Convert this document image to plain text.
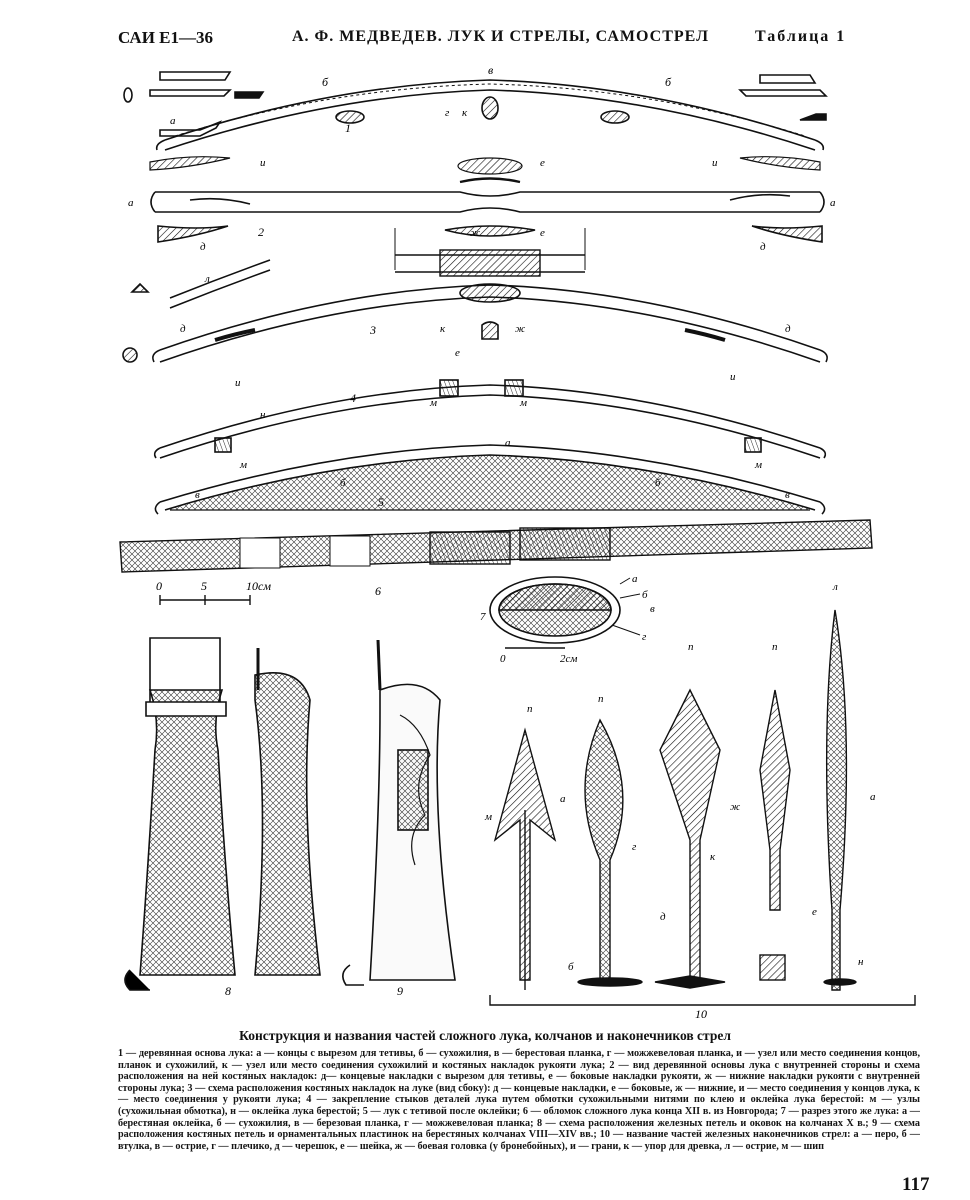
САИ Е1—36	А. Ф. МЕДВЕДЕВ. ЛУК И СТРЕЛЫ, САМОСТРЕЛ	Таблица 1
0	5	10см
0	2см
3
5
2
1
4
6
7
8	9
10
б	б
в
г к
а
и	и
е
а	а
д	д
ж	е
л
д	д
к	ж
е
и	и
н
м	м
м	м
а
в	в
б	б
а
б
в
г
п
п
п	п
л
м
а
г
к
д
ж
а
е
н
б
Конструкция и названия частей сложного лука, колчанов и наконечников стрел
1 — деревянная основа лука: а — концы с вырезом для тетивы, б — сухожилия, в — берестовая планка, г — можжевеловая планка, и — узел или место соединения концов, планок и сухожилий, к — узел или место соединения сухожилий и костяных накладок рукояти лука; 2 — вид деревянной основы лука с внутренней стороны и схема расположения на ней костяных накладок: д— концевые накладки с вырезом для тетивы, е — боковые накладки рукояти, ж — нижние накладки рукояти с внутренней стороны лука; 3 — схема расположения костяных накладок на луке (вид сбоку): д — концевые накладки, е — боковые, ж — нижние, и — место соединения у концов лука, к — место соединения у рукояти лука; 4 — закрепление стыков деталей лука путем обмотки сухожильными нитями по клею и оклейка лука берестой: м — узлы (сухожильная обмотка), н — оклейка лука берестой; 5 — лук с тетивой после оклейки; 6 — обломок сложного лука конца XII в. из Новгорода; 7 — разрез этого же лука: а — берестяная оклейка, б — сухожилия, в — березовая планка, г — можжевеловая планка; 8 — схема расположения железных петель и оковок на колчанах X в.; 9 — схема расположения костяных петель и орнаментальных пластинок на берестяных колчанах VIII—XIV вв.; 10 — название частей железных наконечников стрел: а — перо, б — втулка, в — острие, г — плечико, д — черешок, е — шейка, ж — боевая головка (у бронебойных), и — грани, к — упор для древка, л — острие, м — шип
117
